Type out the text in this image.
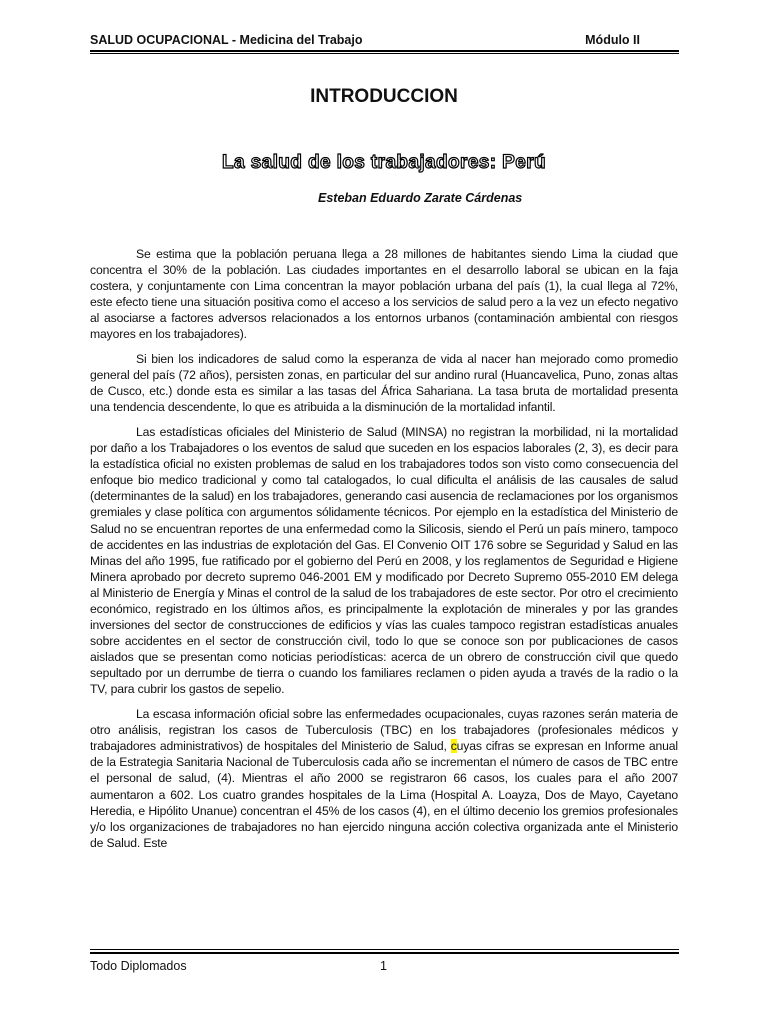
SALUD OCUPACIONAL - Medicina del Trabajo	Módulo II
INTRODUCCION
La salud de los trabajadores: Perú
Esteban Eduardo Zarate Cárdenas

Se estima que la población peruana llega a 28 millones de habitantes siendo Lima la ciudad que concentra el 30% de la población. Las ciudades importantes en el desarrollo laboral se ubican en la faja costera, y conjuntamente con Lima concentran la mayor población urbana del país (1), la cual llega al 72%, este efecto tiene una situación positiva como el acceso a los servicios de salud pero a la vez un efecto negativo al asociarse a factores adversos relacionados a los entornos urbanos (contaminación ambiental con riesgos mayores en los trabajadores).

Si bien los indicadores de salud como la esperanza de vida al nacer han mejorado como promedio general del país (72 años), persisten zonas, en particular del sur andino rural (Huancavelica, Puno, zonas altas de Cusco, etc.) donde esta es similar a las tasas del África Sahariana. La tasa bruta de mortalidad presenta una tendencia descendente, lo que es atribuida a la disminución de la mortalidad infantil.

Las estadísticas oficiales del Ministerio de Salud (MINSA) no registran la morbilidad, ni la mortalidad por daño a los Trabajadores o los eventos de salud que suceden en los espacios laborales (2, 3), es decir para la estadística oficial no existen problemas de salud en los trabajadores todos son visto como consecuencia del enfoque bio medico tradicional y como tal catalogados, lo cual dificulta el análisis de las causales de salud (determinantes de la salud) en los trabajadores, generando casi ausencia de reclamaciones por los organismos gremiales y clase política con argumentos sólidamente técnicos. Por ejemplo en la estadística del Ministerio de Salud no se encuentran reportes de una enfermedad como la Silicosis, siendo el Perú un país minero, tampoco de accidentes en las industrias de explotación del Gas. El Convenio OIT 176 sobre se Seguridad y Salud en las Minas del año 1995, fue ratificado por el gobierno del Perú en 2008, y los reglamentos de Seguridad e Higiene Minera aprobado por decreto supremo 046-2001 EM y modificado por Decreto Supremo 055-2010 EM delega al Ministerio de Energía y Minas el control de la salud de los trabajadores de este sector. Por otro el crecimiento económico, registrado en los últimos años, es principalmente la explotación de minerales y por las grandes inversiones del sector de construcciones de edificios y vías las cuales tampoco registran estadísticas anuales sobre accidentes en el sector de construcción civil, todo lo que se conoce son por publicaciones de casos aislados que se presentan como noticias periodísticas: acerca de un obrero de construcción civil que quedo sepultado por un derrumbe de tierra o cuando los familiares reclamen o piden ayuda a través de la radio o la TV, para cubrir los gastos de sepelio.

La escasa información oficial sobre las enfermedades ocupacionales, cuyas razones serán materia de otro análisis, registran los casos de Tuberculosis (TBC) en los trabajadores (profesionales médicos y trabajadores administrativos) de hospitales del Ministerio de Salud, cuyas cifras se expresan en Informe anual de la Estrategia Sanitaria Nacional de Tuberculosis cada año se incrementan el número de casos de TBC entre el personal de salud, (4). Mientras el año 2000 se registraron 66 casos, los cuales para el año 2007 aumentaron a 602. Los cuatro grandes hospitales de la Lima (Hospital A. Loayza, Dos de Mayo, Cayetano Heredia, e Hipólito Unanue) concentran el 45% de los casos (4), en el último decenio los gremios profesionales y/o los organizaciones de trabajadores no han ejercido ninguna acción colectiva organizada ante el Ministerio de Salud. Este

Todo Diplomados	1
